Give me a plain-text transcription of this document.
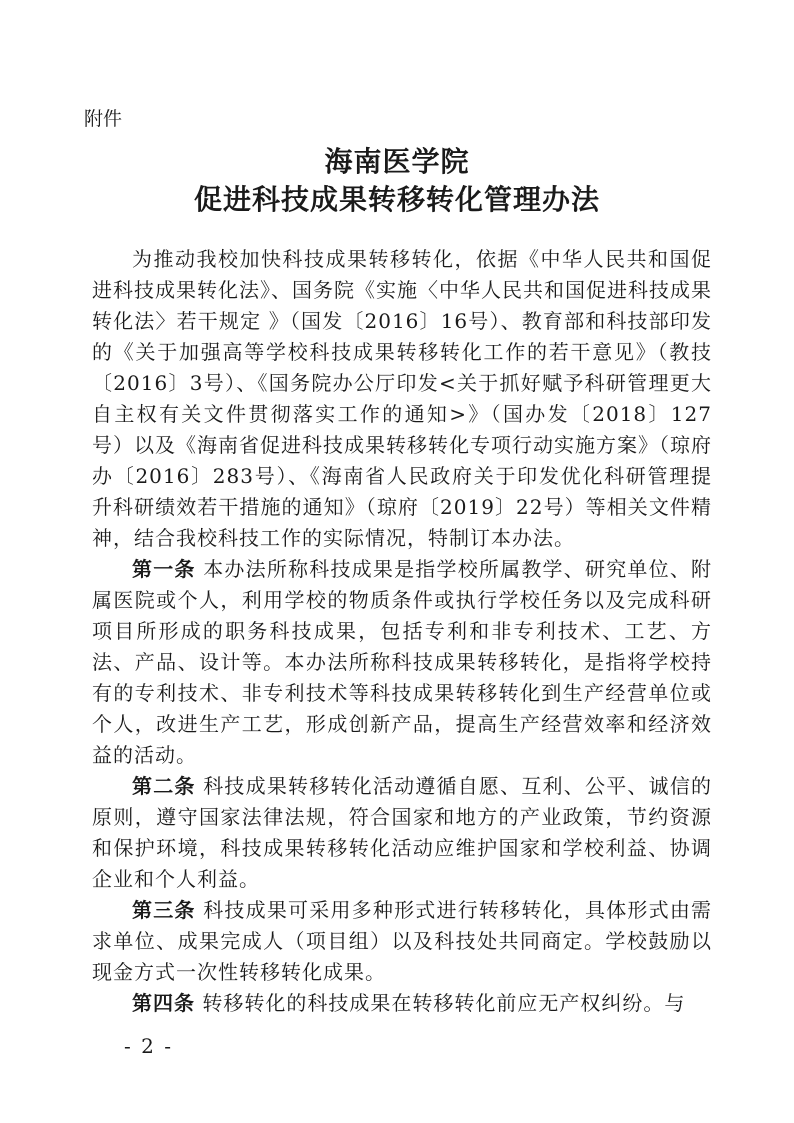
附件
海南医学院
促进科技成果转移转化管理办法

为推动我校加快科技成果转移转化，依据《中华人民共和国促进科技成果转化法》、国务院《实施〈中华人民共和国促进科技成果转化法〉若干规定 》（国发〔2016〕16号）、教育部和科技部印发的《关于加强高等学校科技成果转移转化工作的若干意见》（教技〔2016〕3号）、《国务院办公厅印发<关于抓好赋予科研管理更大自主权有关文件贯彻落实工作的通知>》（国办发〔2018〕127 号）以及《海南省促进科技成果转移转化专项行动实施方案》（琼府办〔2016〕283号）、《海南省人民政府关于印发优化科研管理提升科研绩效若干措施的通知》（琼府〔2019〕22号）等相关文件精神，结合我校科技工作的实际情况，特制订本办法。

第一条 本办法所称科技成果是指学校所属教学、研究单位、附属医院或个人，利用学校的物质条件或执行学校任务以及完成科研项目所形成的职务科技成果，包括专利和非专利技术、工艺、方法、产品、设计等。本办法所称科技成果转移转化，是指将学校持有的专利技术、非专利技术等科技成果转移转化到生产经营单位或个人，改进生产工艺，形成创新产品，提高生产经营效率和经济效益的活动。

第二条 科技成果转移转化活动遵循自愿、互利、公平、诚信的原则，遵守国家法律法规，符合国家和地方的产业政策，节约资源和保护环境，科技成果转移转化活动应维护国家和学校利益、协调企业和个人利益。

第三条 科技成果可采用多种形式进行转移转化，具体形式由需求单位、成果完成人（项目组）以及科技处共同商定。学校鼓励以现金方式一次性转移转化成果。

第四条 转移转化的科技成果在转移转化前应无产权纠纷。与

- 2 -
